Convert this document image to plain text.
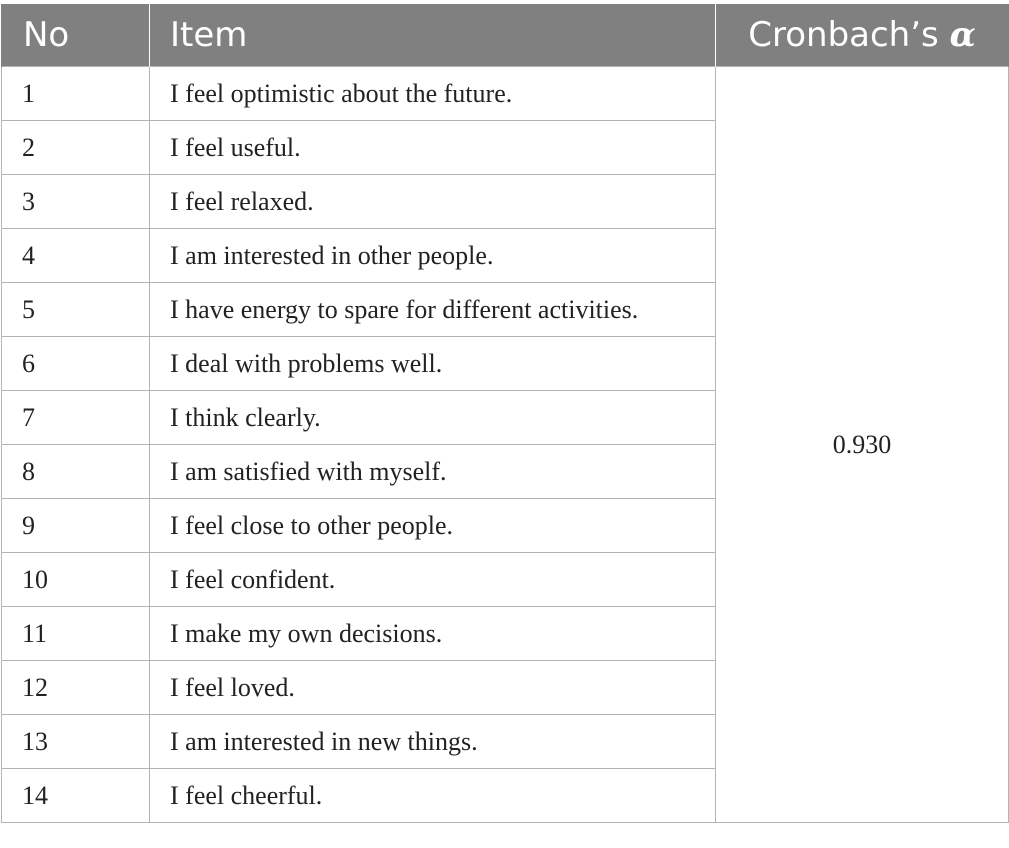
No	Item	Cronbach’s α
1	I feel optimistic about the future.	0.930
2	I feel useful.	
3	I feel relaxed.	
4	I am interested in other people.	
5	I have energy to spare for different activities.	
6	I deal with problems well.	
7	I think clearly.	
8	I am satisfied with myself.	
9	I feel close to other people.	
10	I feel confident.	
11	I make my own decisions.	
12	I feel loved.	
13	I am interested in new things.	
14	I feel cheerful.	
